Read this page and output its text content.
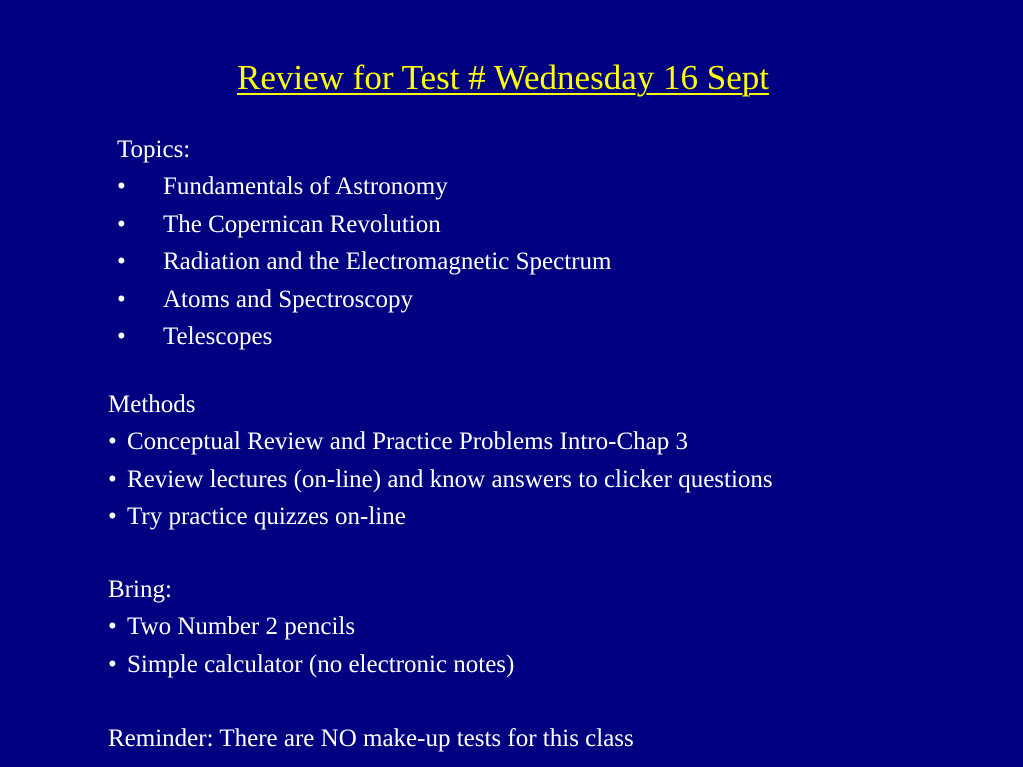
Review for Test # Wednesday 16 Sept
Topics:
• Fundamentals of Astronomy
• The Copernican Revolution
• Radiation and the Electromagnetic Spectrum
• Atoms and Spectroscopy
• Telescopes
Methods
• Conceptual Review and Practice Problems Intro-Chap 3
• Review lectures (on-line) and know answers to clicker questions
• Try practice quizzes on-line
Bring:
• Two Number 2 pencils
• Simple calculator (no electronic notes)
Reminder: There are NO make-up tests for this class
